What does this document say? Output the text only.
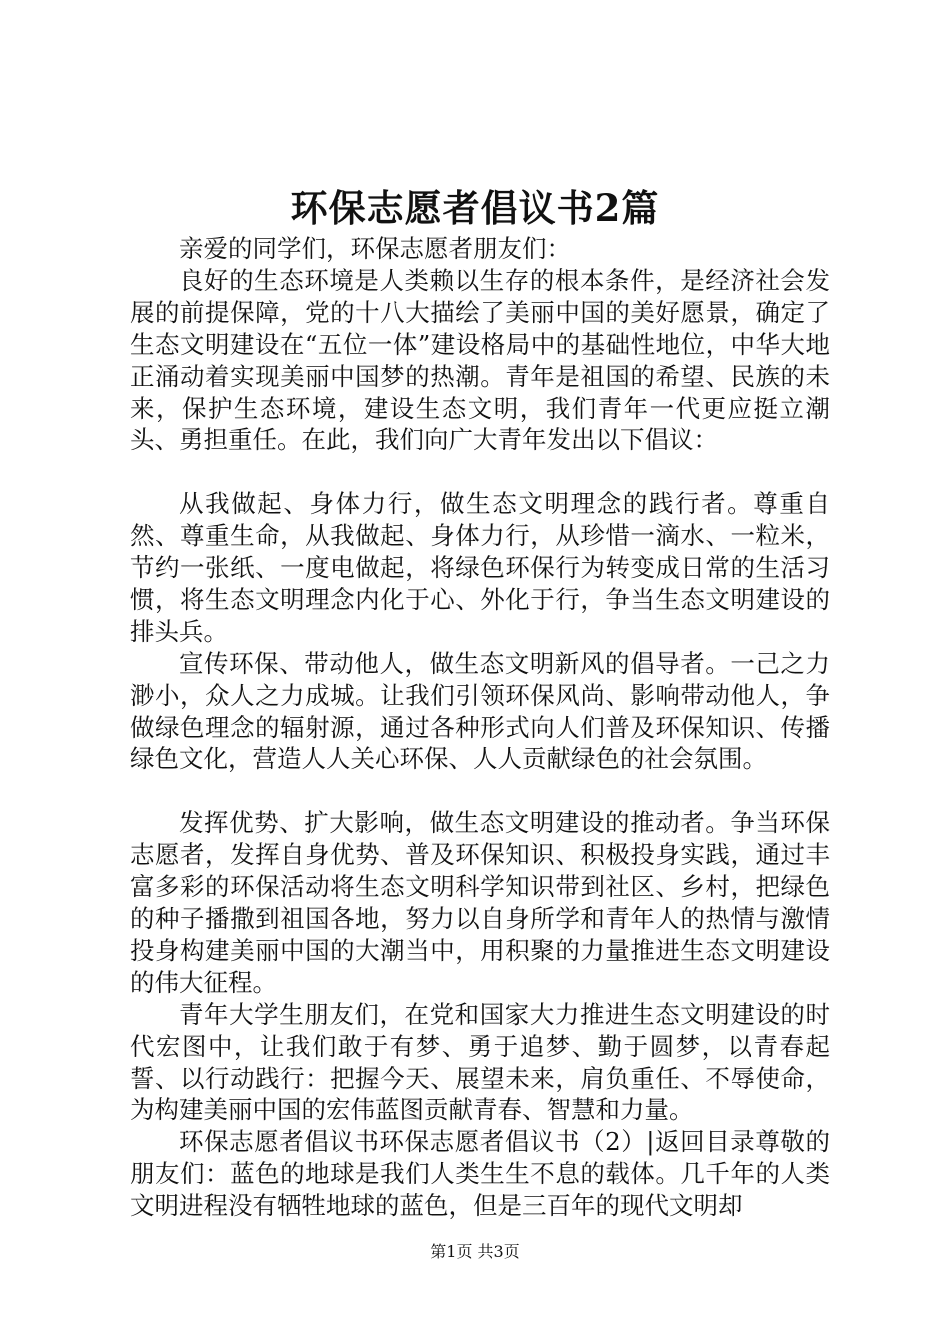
环保志愿者倡议书2篇

亲爱的同学们，环保志愿者朋友们：

良好的生态环境是人类赖以生存的根本条件，是经济社会发展的前提保障，党的十八大描绘了美丽中国的美好愿景，确定了生态文明建设在“五位一体”建设格局中的基础性地位，中华大地正涌动着实现美丽中国梦的热潮。青年是祖国的希望、民族的未来，保护生态环境，建设生态文明，我们青年一代更应挺立潮头、勇担重任。在此，我们向广大青年发出以下倡议：

从我做起、身体力行，做生态文明理念的践行者。尊重自然、尊重生命，从我做起、身体力行，从珍惜一滴水、一粒米，节约一张纸、一度电做起，将绿色环保行为转变成日常的生活习惯，将生态文明理念内化于心、外化于行，争当生态文明建设的排头兵。

宣传环保、带动他人，做生态文明新风的倡导者。一己之力渺小，众人之力成城。让我们引领环保风尚、影响带动他人，争做绿色理念的辐射源，通过各种形式向人们普及环保知识、传播绿色文化，营造人人关心环保、人人贡献绿色的社会氛围。

发挥优势、扩大影响，做生态文明建设的推动者。争当环保志愿者，发挥自身优势、普及环保知识、积极投身实践，通过丰富多彩的环保活动将生态文明科学知识带到社区、乡村，把绿色的种子播撒到祖国各地，努力以自身所学和青年人的热情与激情投身构建美丽中国的大潮当中，用积聚的力量推进生态文明建设的伟大征程。

青年大学生朋友们，在党和国家大力推进生态文明建设的时代宏图中，让我们敢于有梦、勇于追梦、勤于圆梦，以青春起誓、以行动践行：把握今天、展望未来，肩负重任、不辱使命，为构建美丽中国的宏伟蓝图贡献青春、智慧和力量。

环保志愿者倡议书环保志愿者倡议书（2）|返回目录尊敬的朋友们：蓝色的地球是我们人类生生不息的载体。几千年的人类文明进程没有牺牲地球的蓝色，但是三百年的现代文明却

第1页 共3页
